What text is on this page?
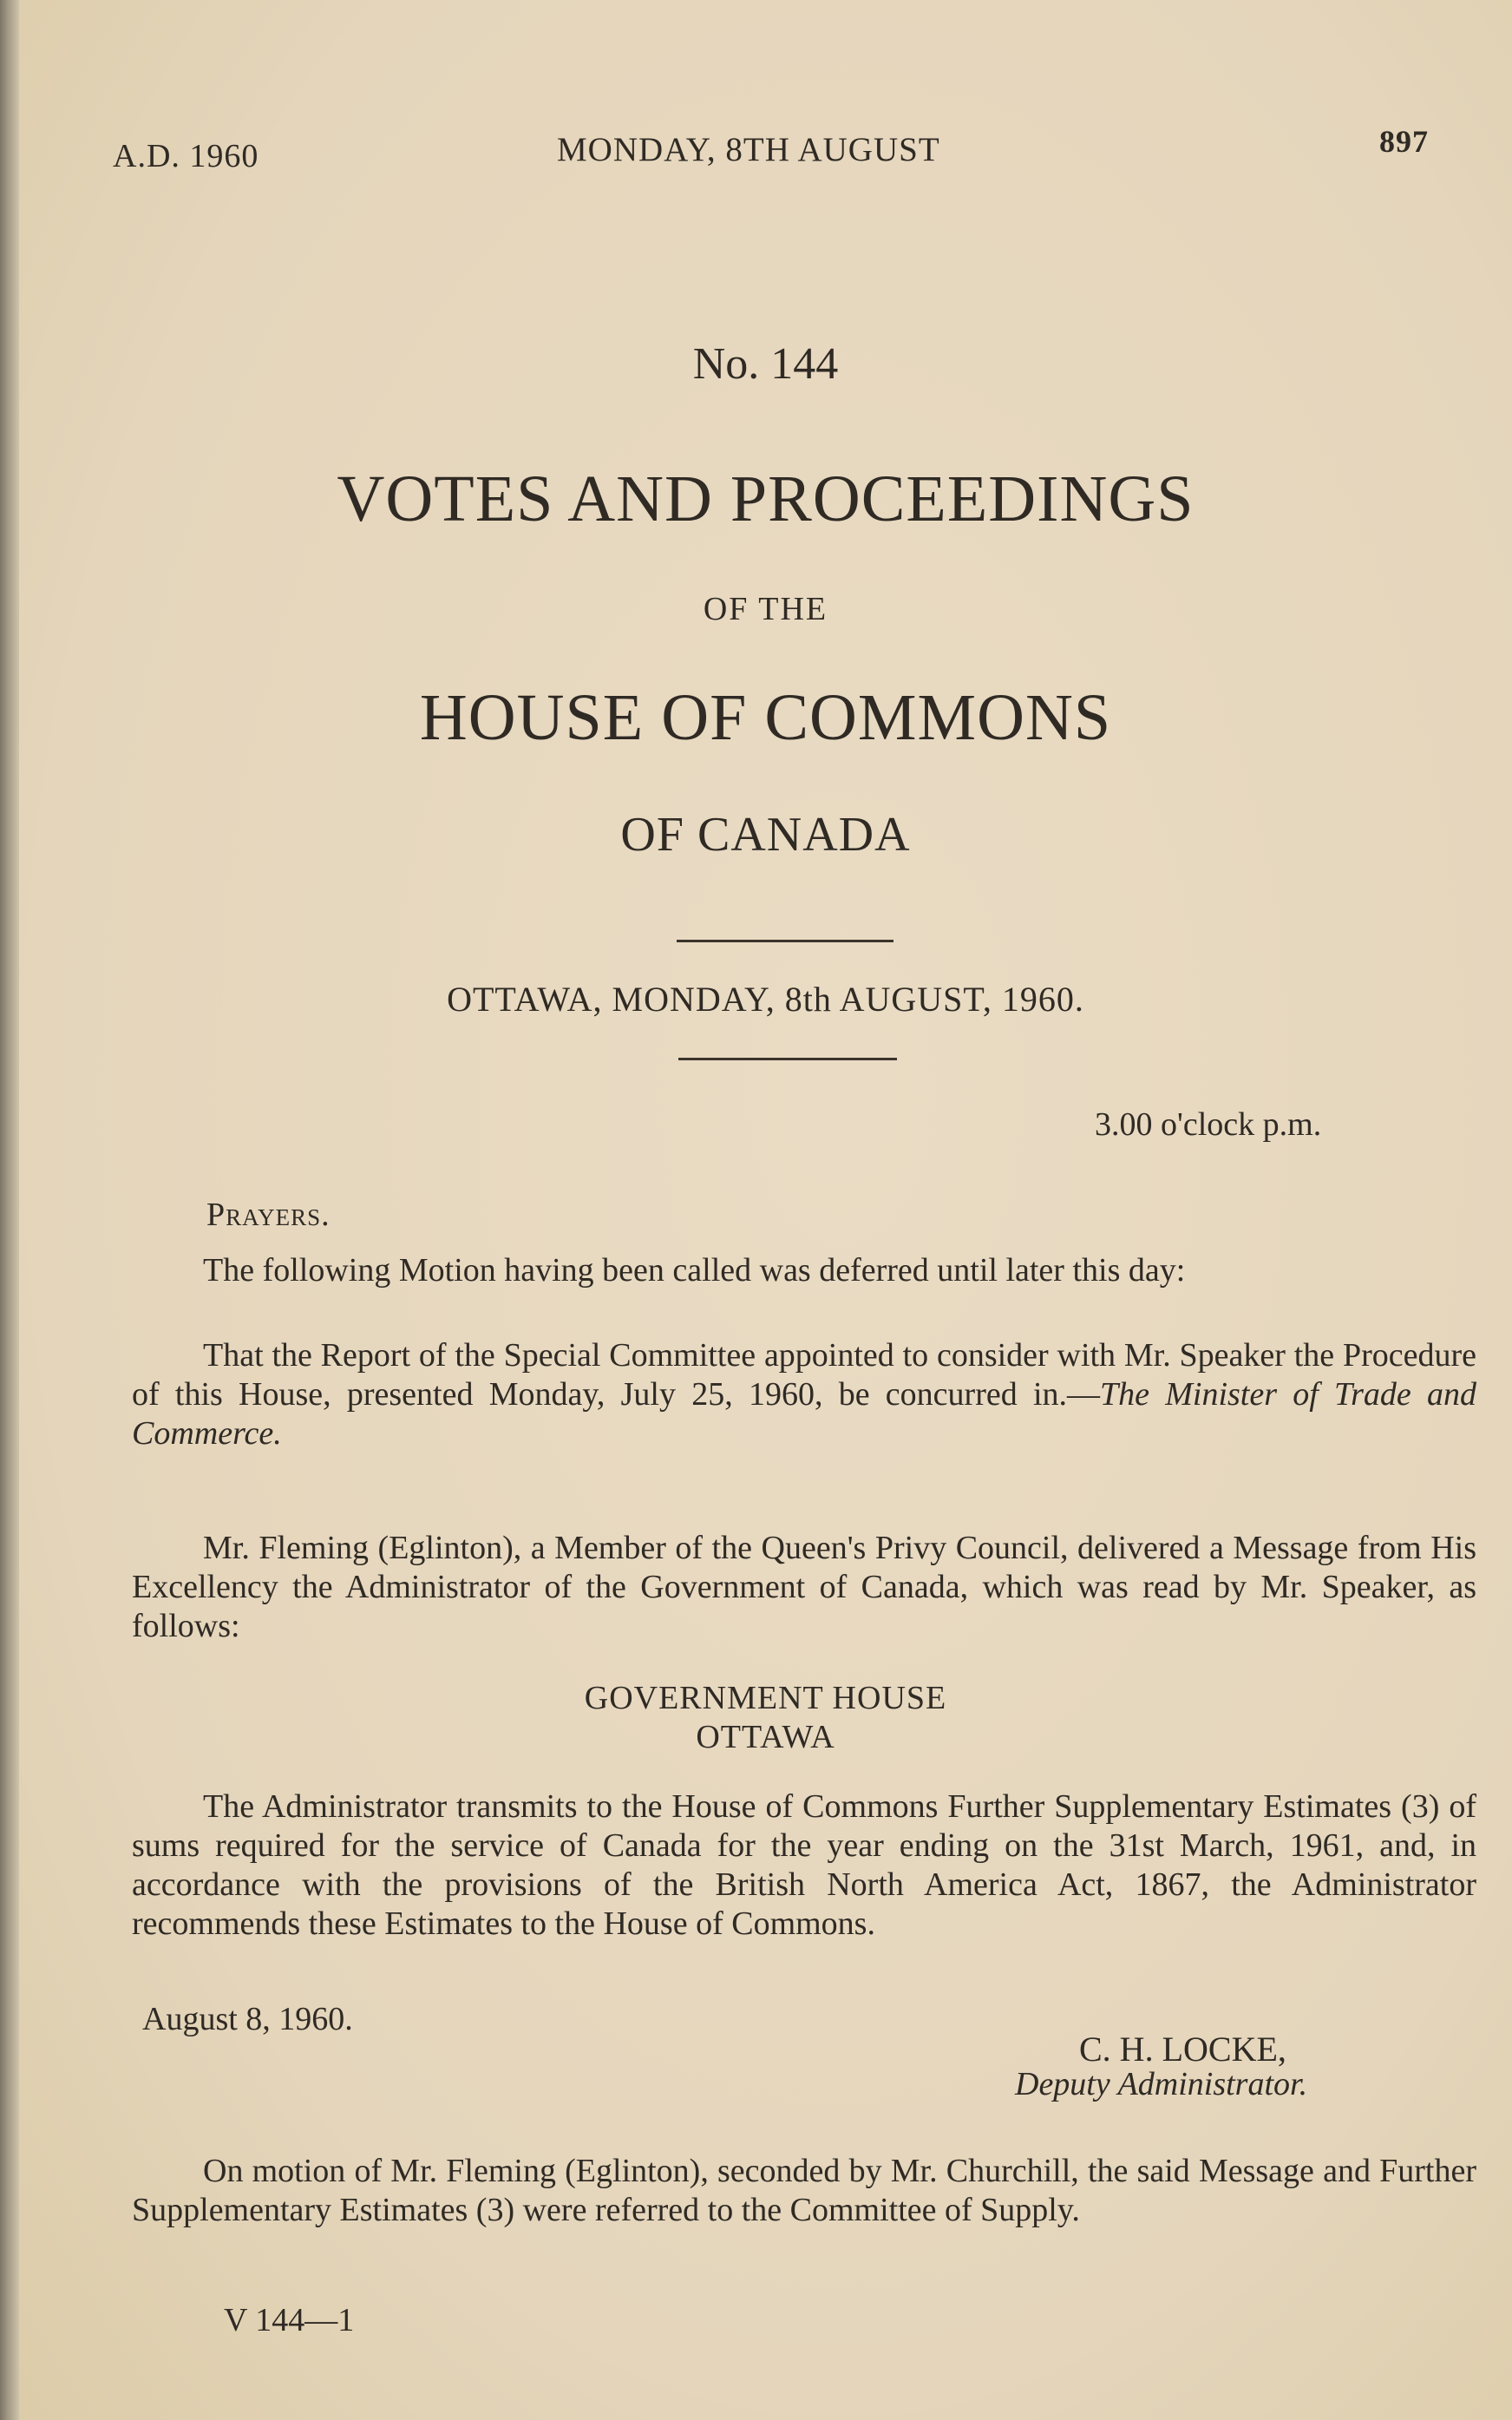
A.D. 1960	MONDAY, 8TH AUGUST	897
No. 144
VOTES AND PROCEEDINGS
OF THE
HOUSE OF COMMONS
OF CANADA
OTTAWA, MONDAY, 8th AUGUST, 1960.
3.00 o'clock p.m.
Prayers.
The following Motion having been called was deferred until later this day:
That the Report of the Special Committee appointed to consider with Mr. Speaker the Procedure of this House, presented Monday, July 25, 1960, be concurred in.—The Minister of Trade and Commerce.
Mr. Fleming (Eglinton), a Member of the Queen's Privy Council, delivered a Message from His Excellency the Administrator of the Government of Canada, which was read by Mr. Speaker, as follows:
GOVERNMENT HOUSE
OTTAWA
The Administrator transmits to the House of Commons Further Supplementary Estimates (3) of sums required for the service of Canada for the year ending on the 31st March, 1961, and, in accordance with the provisions of the British North America Act, 1867, the Administrator recommends these Estimates to the House of Commons.
August 8, 1960.
C. H. LOCKE,
Deputy Administrator.
On motion of Mr. Fleming (Eglinton), seconded by Mr. Churchill, the said Message and Further Supplementary Estimates (3) were referred to the Committee of Supply.
V 144—1
